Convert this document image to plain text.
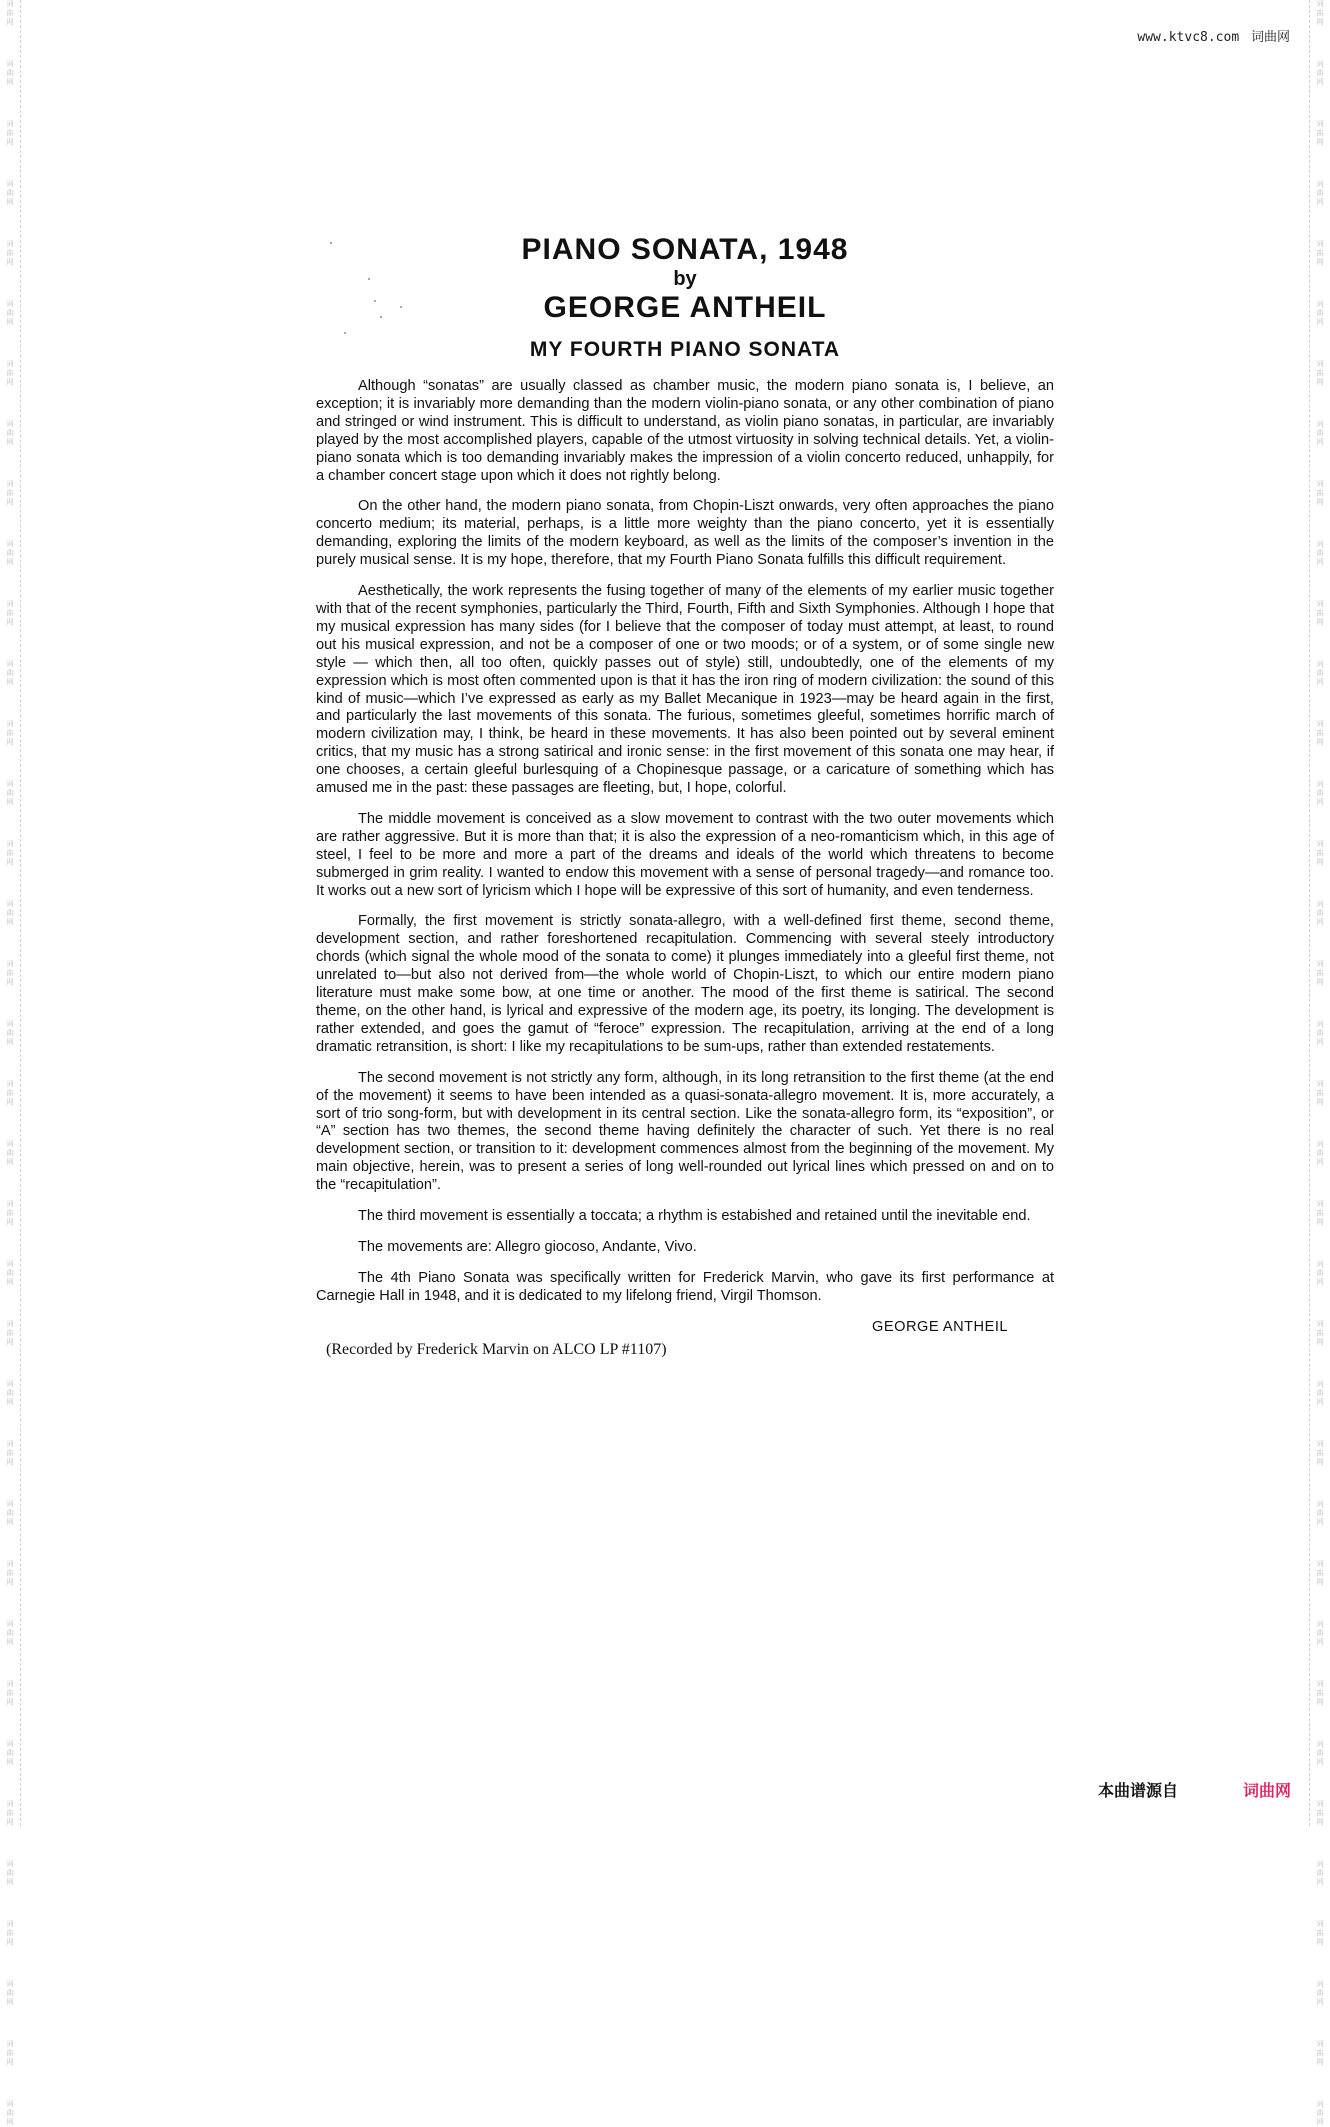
词
曲
网
词
曲
网
词
曲
网
词
曲
网
词
曲
网
词
曲
网
词
曲
网
词
曲
网
词
曲
网
词
曲
网
词
曲
网
词
曲
网
词
曲
网
词
曲
网
词
曲
网
词
曲
网
词
曲
网
词
曲
网
词
曲
网
词
曲
网
词
曲
网
词
曲
网
词
曲
网
词
曲
网
词
曲
网
词
曲
网
词
曲
网
词
曲
网
词
曲
网
词
曲
网
词
曲
网
词
曲
网
词
曲
网
词
曲
网
词
曲
网
词
曲
网
词
曲
网
词
曲
网
词
曲
网
词
曲
网
词
曲
网
词
曲
网
词
曲
网
词
曲
网
词
曲
网
词
曲
网
词
曲
网
词
曲
网
词
曲
网
词
曲
网
词
曲
网
词
曲
网
词
曲
网
词
曲
网
词
曲
网
词
曲
网
词
曲
网
词
曲
网
词
曲
网
词
曲
网
词
曲
网
词
曲
网
词
曲
网
词
曲
网
词
曲
网
词
曲
网
词
曲
网
词
曲
网
词
曲
网
词
曲
网
词
曲
网
词
曲
网
www.ktvc8.com 词曲网
PIANO SONATA, 1948

by

GEORGE ANTHEIL
MY FOURTH PIANO SONATA

Although “sonatas” are usually classed as chamber music, the modern piano sonata is, I believe, an exception; it is invariably more demanding than the modern violin-piano sonata, or any other combination of piano and stringed or wind instrument. This is difficult to understand, as violin piano sonatas, in particular, are invariably played by the most accomplished players, capable of the utmost virtuosity in solving technical details. Yet, a violin-piano sonata which is too demanding invariably makes the impression of a violin concerto reduced, unhappily, for a chamber concert stage upon which it does not rightly belong.

On the other hand, the modern piano sonata, from Chopin-Liszt onwards, very often approaches the piano concerto medium; its material, perhaps, is a little more weighty than the piano concerto, yet it is essentially demanding, exploring the limits of the modern keyboard, as well as the limits of the composer’s invention in the purely musical sense. It is my hope, therefore, that my Fourth Piano Sonata fulfills this difficult requirement.

Aesthetically, the work represents the fusing together of many of the elements of my earlier music together with that of the recent symphonies, particularly the Third, Fourth, Fifth and Sixth Symphonies. Although I hope that my musical expression has many sides (for I believe that the composer of today must attempt, at least, to round out his musical expression, and not be a composer of one or two moods; or of a system, or of some single new style — which then, all too often, quickly passes out of style) still, undoubtedly, one of the elements of my expression which is most often commented upon is that it has the iron ring of modern civilization: the sound of this kind of music—which I’ve expressed as early as my Ballet Mecanique in 1923—may be heard again in the first, and particularly the last movements of this sonata. The furious, sometimes gleeful, sometimes horrific march of modern civilization may, I think, be heard in these movements. It has also been pointed out by several eminent critics, that my music has a strong satirical and ironic sense: in the first movement of this sonata one may hear, if one chooses, a certain gleeful burlesquing of a Chopinesque passage, or a caricature of something which has amused me in the past: these passages are fleeting, but, I hope, colorful.

The middle movement is conceived as a slow movement to contrast with the two outer movements which are rather aggressive. But it is more than that; it is also the expression of a neo-romanticism which, in this age of steel, I feel to be more and more a part of the dreams and ideals of the world which threatens to become submerged in grim reality. I wanted to endow this movement with a sense of personal tragedy—and romance too. It works out a new sort of lyricism which I hope will be expressive of this sort of humanity, and even tenderness.

Formally, the first movement is strictly sonata-allegro, with a well-defined first theme, second theme, development section, and rather foreshortened recapitulation. Commencing with several steely introductory chords (which signal the whole mood of the sonata to come) it plunges immediately into a gleeful first theme, not unrelated to—but also not derived from—the whole world of Chopin-Liszt, to which our entire modern piano literature must make some bow, at one time or another. The mood of the first theme is satirical. The second theme, on the other hand, is lyrical and expressive of the modern age, its poetry, its longing. The development is rather extended, and goes the gamut of “feroce” expression. The recapitulation, arriving at the end of a long dramatic retransition, is short: I like my recapitulations to be sum-ups, rather than extended restatements.

The second movement is not strictly any form, although, in its long retransition to the first theme (at the end of the movement) it seems to have been intended as a quasi-sonata-allegro movement. It is, more accurately, a sort of trio song-form, but with development in its central section. Like the sonata-allegro form, its “exposition”, or “A” section has two themes, the second theme having definitely the character of such. Yet there is no real development section, or transition to it: development commences almost from the beginning of the movement. My main objective, herein, was to present a series of long well-rounded out lyrical lines which pressed on and on to the “recapitulation”.

The third movement is essentially a toccata; a rhythm is estabished and retained until the inevitable end.

The movements are: Allegro giocoso, Andante, Vivo.

The 4th Piano Sonata was specifically written for Frederick Marvin, who gave its first performance at Carnegie Hall in 1948, and it is dedicated to my lifelong friend, Virgil Thomson.

GEORGE ANTHEIL

(Recorded by Frederick Marvin on ALCO LP #1107)

本曲谱源自	词曲网
